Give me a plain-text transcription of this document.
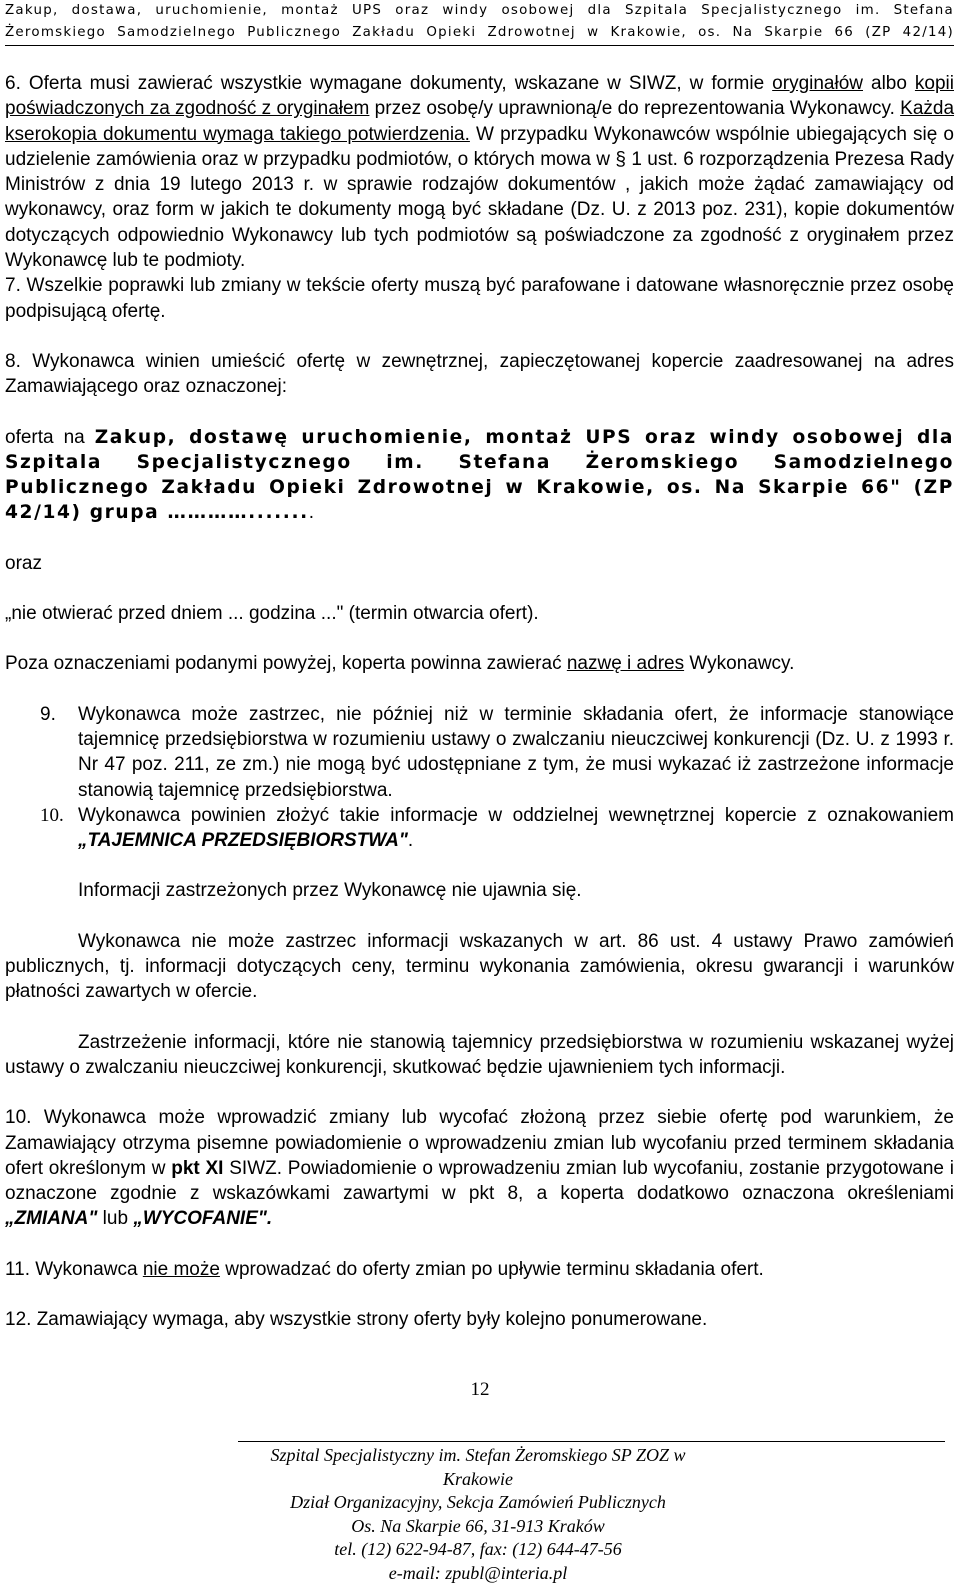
Zakup, dostawa, uruchomienie, montaż UPS oraz windy osobowej dla Szpitala Specjalistycznego im. Stefana
Żeromskiego Samodzielnego Publicznego Zakładu Opieki Zdrowotnej w Krakowie, os. Na Skarpie 66 (ZP 42/14)

6. Oferta musi zawierać wszystkie wymagane dokumenty, wskazane w SIWZ, w formie oryginałów albo kopii poświadczonych za zgodność z oryginałem przez osobę/y uprawnioną/e do reprezentowania Wykonawcy. Każda kserokopia dokumentu wymaga takiego potwierdzenia. W przypadku Wykonawców wspólnie ubiegających się o udzielenie zamówienia oraz w przypadku podmiotów, o których mowa w § 1 ust. 6 rozporządzenia Prezesa Rady Ministrów z dnia 19 lutego 2013 r. w sprawie rodzajów dokumentów , jakich może żądać zamawiający od wykonawcy, oraz form w jakich te dokumenty mogą być składane (Dz. U. z 2013 poz. 231), kopie dokumentów dotyczących odpowiednio Wykonawcy lub tych podmiotów są poświadczone za zgodność z oryginałem przez Wykonawcę lub te podmioty.

7. Wszelkie poprawki lub zmiany w tekście oferty muszą być parafowane i datowane własnoręcznie przez osobę podpisującą ofertę.

8. Wykonawca winien umieścić ofertę w zewnętrznej, zapieczętowanej kopercie zaadresowanej na adres Zamawiającego oraz oznaczonej:

oferta na Zakup, dostawę uruchomienie, montaż UPS oraz windy osobowej dla Szpitala Specjalistycznego im. Stefana Żeromskiego Samodzielnego Publicznego Zakładu Opieki Zdrowotnej w Krakowie, os. Na Skarpie 66" (ZP 42/14) grupa …………........

oraz

„nie otwierać przed dniem ... godzina ..." (termin otwarcia ofert).

Poza oznaczeniami podanymi powyżej, koperta powinna zawierać nazwę i adres Wykonawcy.

9. Wykonawca może zastrzec, nie później niż w terminie składania ofert, że informacje stanowiące tajemnicę przedsiębiorstwa w rozumieniu ustawy o zwalczaniu nieuczciwej konkurencji (Dz. U. z 1993 r. Nr 47 poz. 211, ze zm.) nie mogą być udostępniane z tym, że musi wykazać iż zastrzeżone informacje stanowią tajemnicę przedsiębiorstwa.
10. Wykonawca powinien złożyć takie informacje w oddzielnej wewnętrznej kopercie z oznakowaniem „TAJEMNICA PRZEDSIĘBIORSTWA".

Informacji zastrzeżonych przez Wykonawcę nie ujawnia się.

Wykonawca nie może zastrzec informacji wskazanych w art. 86 ust. 4 ustawy Prawo zamówień publicznych, tj. informacji dotyczących ceny, terminu wykonania zamówienia, okresu gwarancji i warunków płatności zawartych w ofercie.

Zastrzeżenie informacji, które nie stanowią tajemnicy przedsiębiorstwa w rozumieniu wskazanej wyżej ustawy o zwalczaniu nieuczciwej konkurencji, skutkować będzie ujawnieniem tych informacji.

10. Wykonawca może wprowadzić zmiany lub wycofać złożoną przez siebie ofertę pod warunkiem, że Zamawiający otrzyma pisemne powiadomienie o wprowadzeniu zmian lub wycofaniu przed terminem składania ofert określonym w pkt XI SIWZ. Powiadomienie o wprowadzeniu zmian lub wycofaniu, zostanie przygotowane i oznaczone zgodnie z wskazówkami zawartymi w pkt 8, a koperta dodatkowo oznaczona określeniami „ZMIANA" lub „WYCOFANIE".

11. Wykonawca nie może wprowadzać do oferty zmian po upływie terminu składania ofert.

12. Zamawiający wymaga, aby wszystkie strony oferty były kolejno ponumerowane.

12
Szpital Specjalistyczny im. Stefan Żeromskiego SP ZOZ w Krakowie
Dział Organizacyjny, Sekcja Zamówień Publicznych
Os. Na Skarpie 66, 31-913 Kraków
tel. (12) 622-94-87, fax: (12) 644-47-56
e-mail: zpubl@interia.pl
